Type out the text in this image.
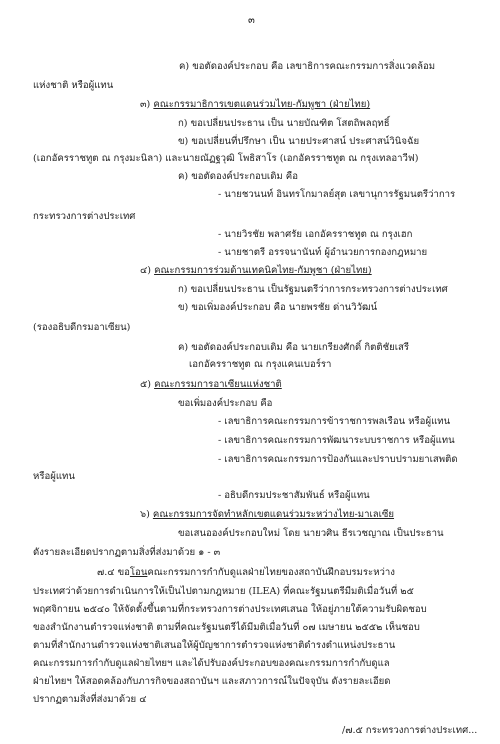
๓
ค) ขอตัดองค์ประกอบ คือ เลขาธิการคณะกรรมการสิ่งแวดล้อม
แห่งชาติ หรือผู้แทน
๓) คณะกรรมาธิการเขตแดนร่วมไทย-กัมพูชา (ฝ่ายไทย)
ก) ขอเปลี่ยนประธาน เป็น นายบัณฑิต โสตถิพลฤทธิ์
ข) ขอเปลี่ยนที่ปรึกษา เป็น นายประศาสน์ ประศาสน์วินิจฉัย
(เอกอัครราชทูต ณ กรุงมะนิลา) และนายณัฏฐวุฒิ โพธิสาโร (เอกอัครราชทูต ณ กรุงเทลอาวีฟ)
ค) ขอตัดองค์ประกอบเดิม คือ
- นายชวนนท์ อินทรโกมาลย์สุต เลขานุการรัฐมนตรีว่าการ
กระทรวงการต่างประเทศ
- นายวิรชัย พลาศรัย เอกอัครราชทูต ณ กรุงเฮก
- นายชาตรี อรรจนานันท์ ผู้อำนวยการกองกฎหมาย
๔) คณะกรรมการร่วมด้านเทคนิคไทย-กัมพูชา (ฝ่ายไทย)
ก) ขอเปลี่ยนประธาน เป็นรัฐมนตรีว่าการกระทรวงการต่างประเทศ
ข) ขอเพิ่มองค์ประกอบ คือ นายพรชัย ด่านวิวัฒน์
(รองอธิบดีกรมอาเซียน)
ค) ขอตัดองค์ประกอบเดิม คือ นายเกรียงศักดิ์ กิตติชัยเสรี
เอกอัครราชทูต ณ กรุงแคนเบอร์รา
๕) คณะกรรมการอาเซียนแห่งชาติ
ขอเพิ่มองค์ประกอบ คือ
- เลขาธิการคณะกรรมการข้าราชการพลเรือน หรือผู้แทน
- เลขาธิการคณะกรรมการพัฒนาระบบราชการ หรือผู้แทน
- เลขาธิการคณะกรรมการป้องกันและปราบปรามยาเสพติด
หรือผู้แทน
- อธิบดีกรมประชาสัมพันธ์ หรือผู้แทน
๖) คณะกรรมการจัดทำหลักเขตแดนร่วมระหว่างไทย-มาเลเซีย
ขอเสนอองค์ประกอบใหม่ โดย นายวศิน ธีรเวชญาณ เป็นประธาน
ดังรายละเอียดปรากฏตามสิ่งที่ส่งมาด้วย ๑ - ๓
๗.๔ ขอโอนคณะกรรมการกำกับดูแลฝ่ายไทยของสถาบันฝึกอบรมระหว่าง
ประเทศว่าด้วยการดำเนินการให้เป็นไปตามกฎหมาย (ILEA) ที่คณะรัฐมนตรีมีมติเมื่อวันที่ ๒๕
พฤศจิกายน ๒๕๔๐ ให้จัดตั้งขึ้นตามที่กระทรวงการต่างประเทศเสนอ ให้อยู่ภายใต้ความรับผิดชอบ
ของสำนักงานตำรวจแห่งชาติ ตามที่คณะรัฐมนตรีได้มีมติเมื่อวันที่ ๐๗ เมษายน ๒๕๕๒ เห็นชอบ
ตามที่สำนักงานตำรวจแห่งชาติเสนอให้ผู้บัญชาการตำรวจแห่งชาติดำรงตำแหน่งประธาน
คณะกรรมการกำกับดูแลฝ่ายไทยฯ และได้ปรับองค์ประกอบของคณะกรรมการกำกับดูแล
ฝ่ายไทยฯ ให้สอดคล้องกับภารกิจของสถาบันฯ และสภาวการณ์ในปัจจุบัน ดังรายละเอียด
ปรากฏตามสิ่งที่ส่งมาด้วย ๔
/๗.๕ กระทรวงการต่างประเทศ...
